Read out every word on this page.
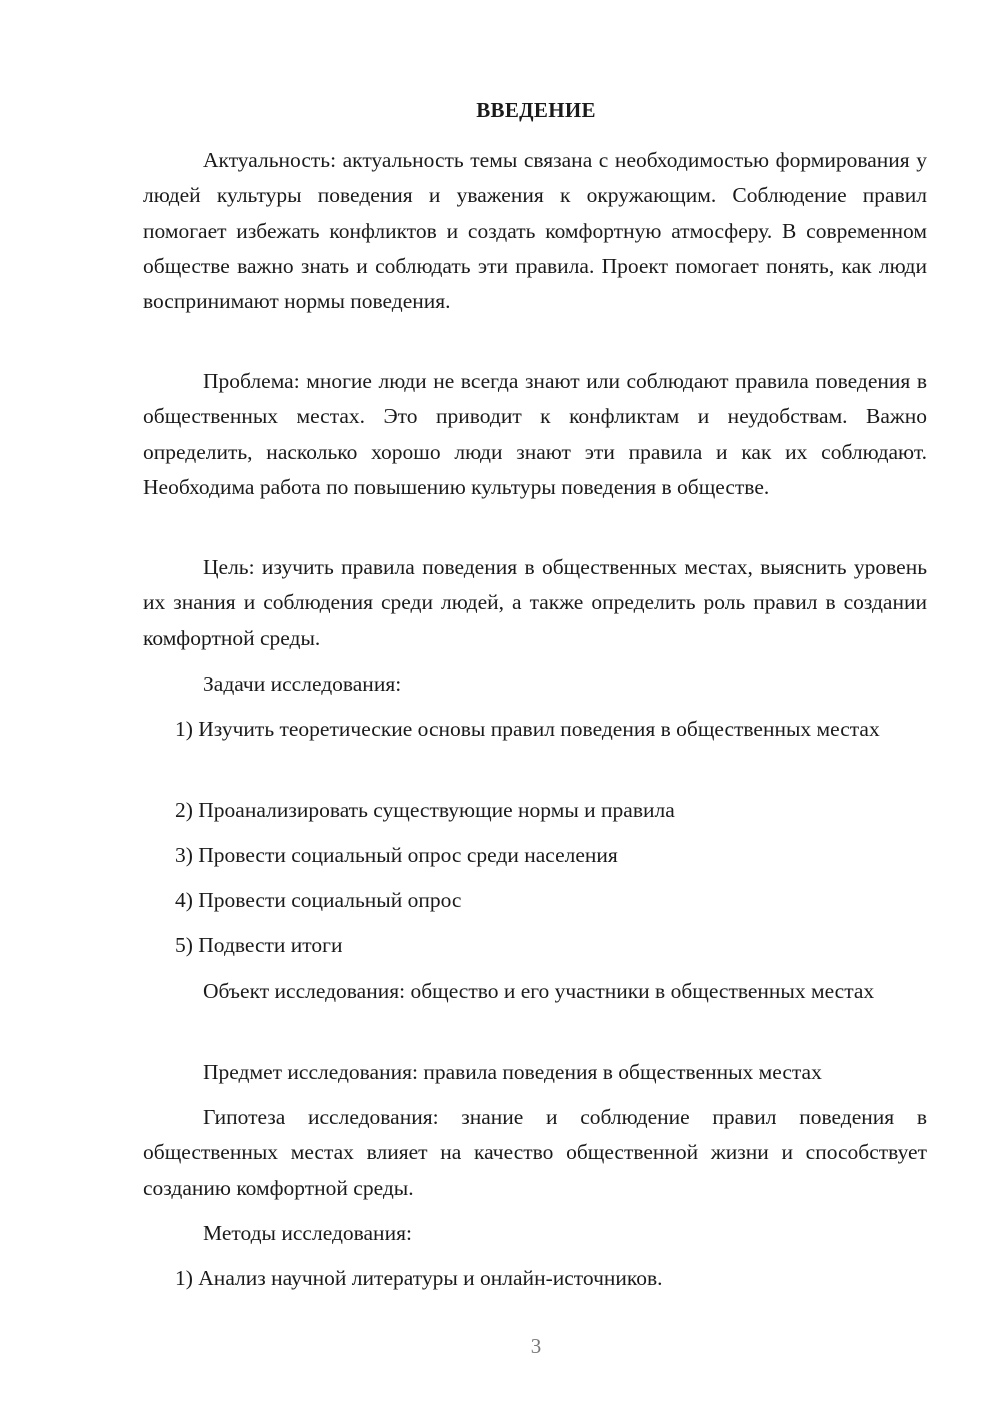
ВВЕДЕНИЕ

Актуальность: актуальность темы связана с необходимостью формирования у людей культуры поведения и уважения к окружающим. Соблюдение правил помогает избежать конфликтов и создать комфортную атмосферу. В современном обществе важно знать и соблюдать эти правила. Проект помогает понять, как люди воспринимают нормы поведения.

Проблема: многие люди не всегда знают или соблюдают правила поведения в общественных местах. Это приводит к конфликтам и неудобствам. Важно определить, насколько хорошо люди знают эти правила и как их соблюдают. Необходима работа по повышению культуры поведения в обществе.

Цель: изучить правила поведения в общественных местах, выяснить уровень их знания и соблюдения среди людей, а также определить роль правил в создании комфортной среды.

Задачи исследования:

1) Изучить теоретические основы правил поведения в общественных местах

2) Проанализировать существующие нормы и правила

3) Провести социальный опрос среди населения

4) Провести социальный опрос

5) Подвести итоги

Объект исследования: общество и его участники в общественных местах

Предмет исследования: правила поведения в общественных местах

Гипотеза исследования: знание и соблюдение правил поведения в общественных местах влияет на качество общественной жизни и способствует созданию комфортной среды.

Методы исследования:

1) Анализ научной литературы и онлайн-источников.

3
